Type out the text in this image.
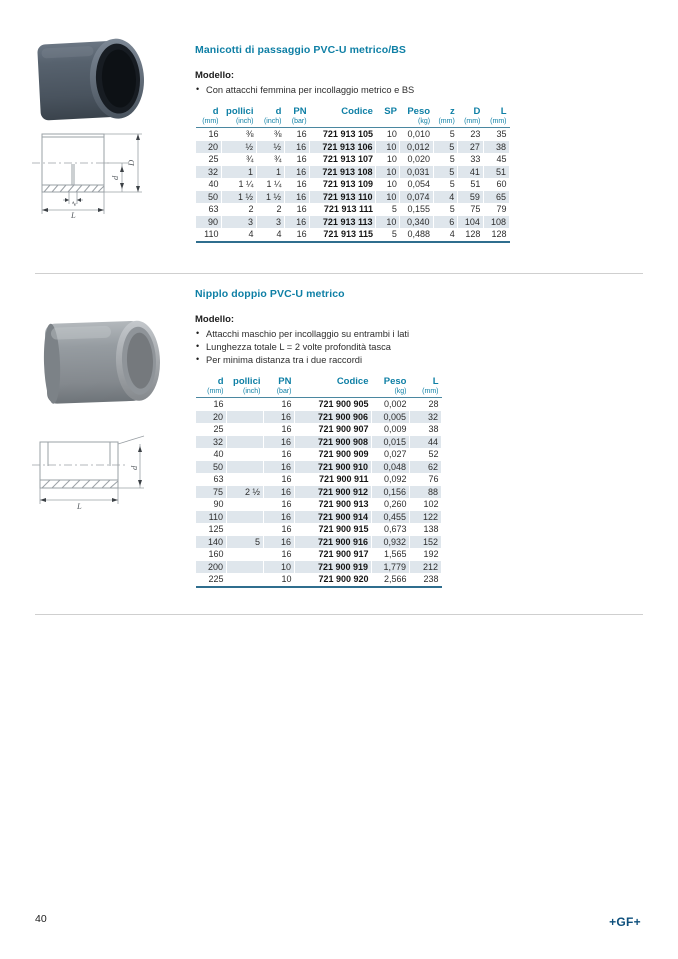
d
D
z
L
Manicotti di passaggio PVC-U metrico/BS
Modello:
• Con attacchi femmina per incollaggio metrico e BS
d	pollici	d	PN	Codice	SP	Peso	z	D	L
(mm)	(inch)	(inch)	(bar)			(kg)	(mm)	(mm)	(mm)
16	⅜	⅜	16	721 913 105	10	0,010	5	23	35
20	½	½	16	721 913 106	10	0,012	5	27	38
25	¾	¾	16	721 913 107	10	0,020	5	33	45
32	1	1	16	721 913 108	10	0,031	5	41	51
40	1 ¼	1 ¼	16	721 913 109	10	0,054	5	51	60
50	1 ½	1 ½	16	721 913 110	10	0,074	4	59	65
63	2	2	16	721 913 111	5	0,155	5	75	79
90	3	3	16	721 913 113	10	0,340	6	104	108
110	4	4	16	721 913 115	5	0,488	4	128	128
d
L
Nipplo doppio PVC-U metrico
Modello:
• Attacchi maschio per incollaggio su entrambi i lati
• Lunghezza totale L = 2 volte profondità tasca
• Per minima distanza tra i due raccordi
d	pollici	PN	Codice	Peso	L
(mm)	(inch)	(bar)		(kg)	(mm)
16		16	721 900 905	0,002	28
20		16	721 900 906	0,005	32
25		16	721 900 907	0,009	38
32		16	721 900 908	0,015	44
40		16	721 900 909	0,027	52
50		16	721 900 910	0,048	62
63		16	721 900 911	0,092	76
75	2 ½	16	721 900 912	0,156	88
90		16	721 900 913	0,260	102
110		16	721 900 914	0,455	122
125		16	721 900 915	0,673	138
140	5	16	721 900 916	0,932	152
160		16	721 900 917	1,565	192
200		10	721 900 919	1,779	212
225		10	721 900 920	2,566	238
40	+GF+
